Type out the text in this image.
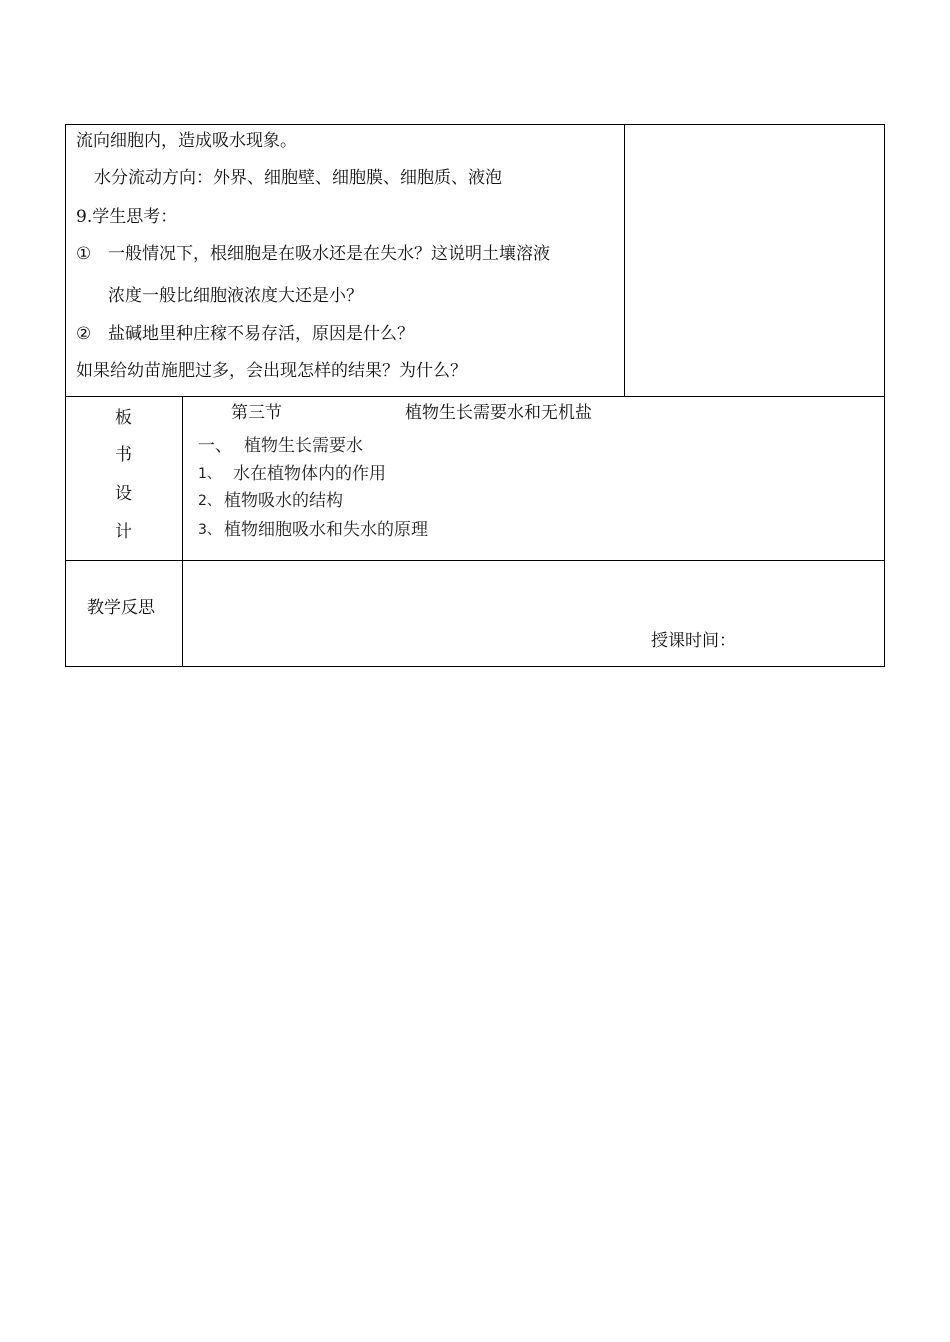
流向细胞内，造成吸水现象。
水分流动方向：外界、细胞壁、细胞膜、细胞质、液泡
9.学生思考：
① 一般情况下，根细胞是在吸水还是在失水？这说明土壤溶液
浓度一般比细胞液浓度大还是小？
② 盐碱地里种庄稼不易存活，原因是什么？
如果给幼苗施肥过多，会出现怎样的结果？为什么？
板
书
设
计
第三节	植物生长需要水和无机盐
一、 植物生长需要水
1、 水在植物体内的作用
2、 植物吸水的结构
3、 植物细胞吸水和失水的原理
教学反思
授课时间：
